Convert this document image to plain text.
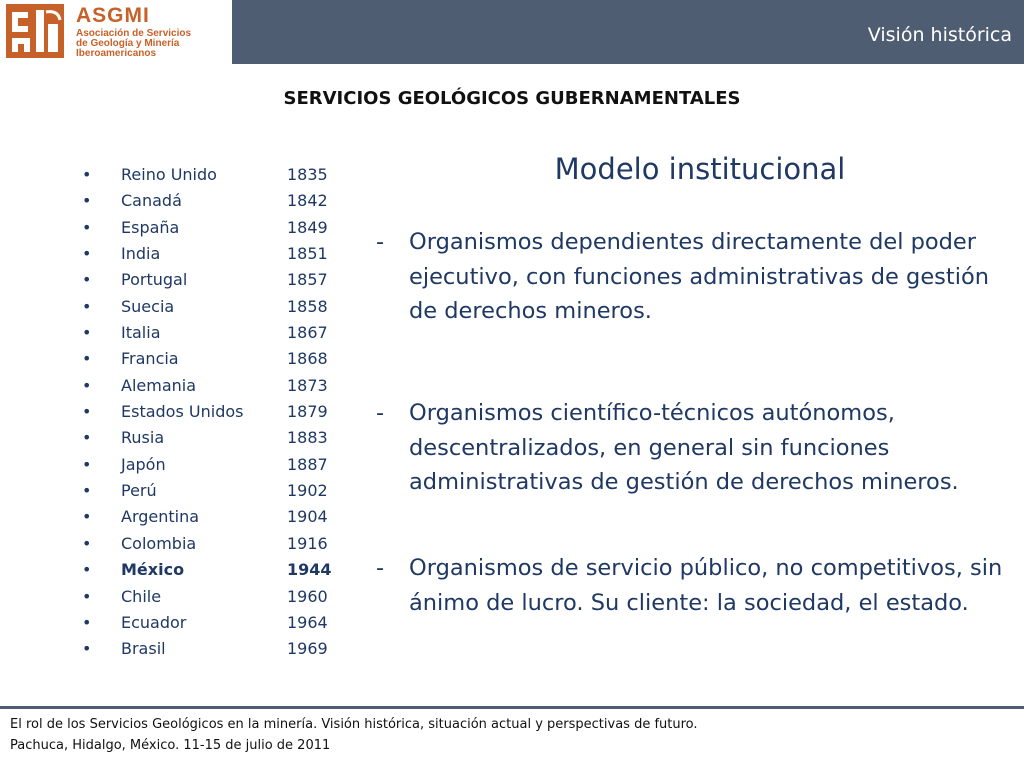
ASGMI
Asociación de Servicios
de Geología y Minería
Iberoamericanos
Visión histórica
SERVICIOS GEOLÓGICOS GUBERNAMENTALES
• Reino Unido	1835
• Canadá	1842
• España	1849
• India	1851
• Portugal	1857
• Suecia	1858
• Italia	1867
• Francia	1868
• Alemania	1873
• Estados Unidos	1879
• Rusia	1883
• Japón	1887
• Perú	1902
• Argentina	1904
• Colombia	1916
• México	1944
• Chile	1960
• Ecuador	1964
• Brasil	1969
Modelo institucional
- Organismos dependientes directamente del poder ejecutivo, con funciones administrativas de gestión de derechos mineros.
- Organismos científico-técnicos autónomos, descentralizados, en general sin funciones administrativas de gestión de derechos mineros.
- Organismos de servicio público, no competitivos, sin ánimo de lucro. Su cliente: la sociedad, el estado.
El rol de los Servicios Geológicos en la minería. Visión histórica, situación actual y perspectivas de futuro.
Pachuca, Hidalgo, México. 11-15 de julio de 2011
